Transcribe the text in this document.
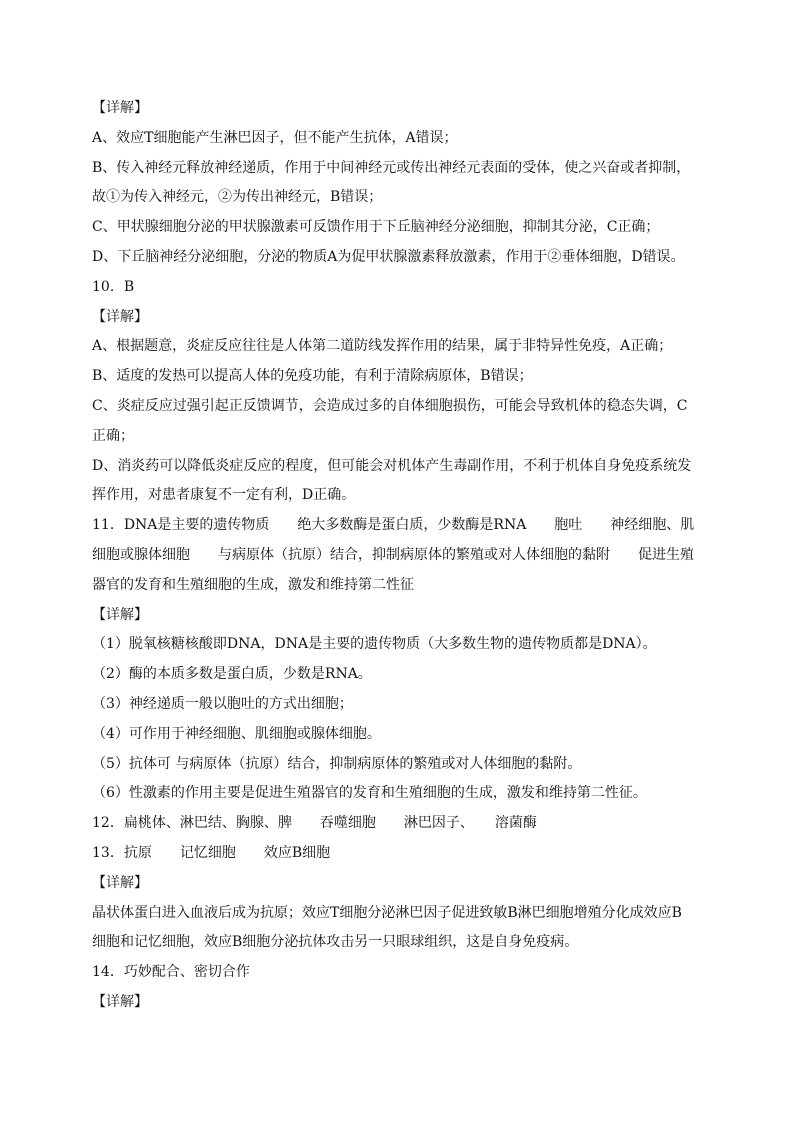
【详解】
A、效应T细胞能产生淋巴因子，但不能产生抗体，A错误；
B、传入神经元释放神经递质，作用于中间神经元或传出神经元表面的受体，使之兴奋或者抑制，
故①为传入神经元，②为传出神经元，B错误；
C、甲状腺细胞分泌的甲状腺激素可反馈作用于下丘脑神经分泌细胞，抑制其分泌，C正确；
D、下丘脑神经分泌细胞，分泌的物质A为促甲状腺激素释放激素，作用于②垂体细胞，D错误。
10．B
【详解】
A、根据题意，炎症反应往往是人体第二道防线发挥作用的结果，属于非特异性免疫，A正确；
B、适度的发热可以提高人体的免疫功能，有利于清除病原体，B错误；
C、炎症反应过强引起正反馈调节，会造成过多的自体细胞损伤，可能会导致机体的稳态失调，C
正确；
D、消炎药可以降低炎症反应的程度，但可能会对机体产生毒副作用，不利于机体自身免疫系统发
挥作用，对患者康复不一定有利，D正确。
11．DNA是主要的遗传物质　　绝大多数酶是蛋白质，少数酶是RNA　　胞吐　　神经细胞、肌
细胞或腺体细胞　　与病原体（抗原）结合，抑制病原体的繁殖或对人体细胞的黏附　　促进生殖
器官的发育和生殖细胞的生成，激发和维持第二性征
【详解】
（1）脱氧核糖核酸即DNA，DNA是主要的遗传物质（大多数生物的遗传物质都是DNA）。
（2）酶的本质多数是蛋白质，少数是RNA。
（3）神经递质一般以胞吐的方式出细胞；
（4）可作用于神经细胞、肌细胞或腺体细胞。
（5）抗体可 与病原体（抗原）结合，抑制病原体的繁殖或对人体细胞的黏附。
（6）性激素的作用主要是促进生殖器官的发育和生殖细胞的生成，激发和维持第二性征。
12．扁桃体、淋巴结、胸腺、脾　　吞噬细胞　　淋巴因子、　　溶菌酶
13．抗原　　记忆细胞　　效应B细胞
【详解】
晶状体蛋白进入血液后成为抗原；效应T细胞分泌淋巴因子促进致敏B淋巴细胞增殖分化成效应B
细胞和记忆细胞，效应B细胞分泌抗体攻击另一只眼球组织，这是自身免疫病。
14．巧妙配合、密切合作
【详解】
